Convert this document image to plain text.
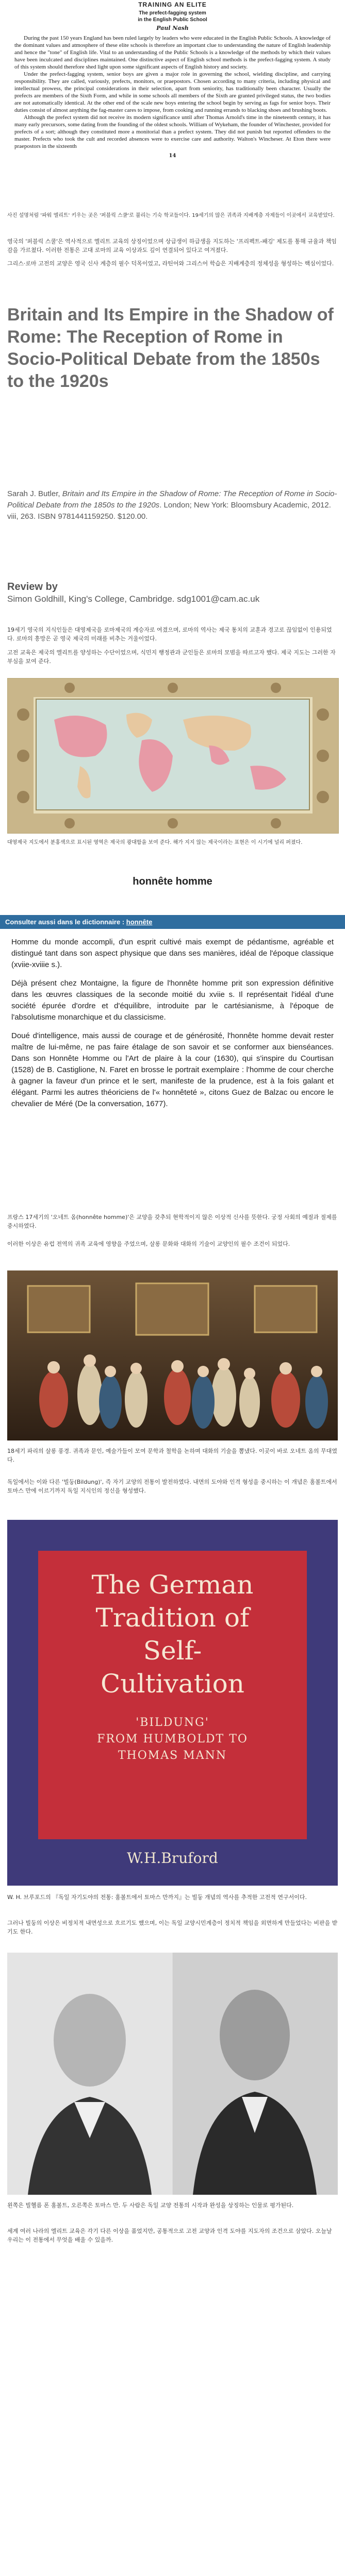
TRAINING AN ELITE
The prefect-fagging system
in the English Public School
Paul Nash

During the past 150 years England has been ruled largely by leaders who were educated in the English Public Schools. A knowledge of the dominant values and atmosphere of these elite schools is therefore an important clue to understanding the nature of English leadership and hence the "tone" of English life. Vital to an understanding of the Public Schools is a knowledge of the methods by which their values have been inculcated and disciplines maintained. One distinctive aspect of English school methods is the prefect-fagging system. A study of this system should therefore shed light upon some significant aspects of English history and society.

Under the prefect-fagging system, senior boys are given a major role in governing the school, wielding discipline, and carrying responsibility. They are called, variously, prefects, monitors, or praepostors. Chosen according to many criteria, including physical and intellectual prowess, the principal considerations in their selection, apart from seniority, has traditionally been character. Usually the prefects are members of the Sixth Form, and while in some schools all members of the Sixth are granted privileged status, the two bodies are not automatically identical. At the other end of the scale new boys entering the school begin by serving as fags for senior boys. Their duties consist of almost anything the fag-master cares to impose, from cooking and running errands to blacking shoes and brushing boots.

Although the prefect system did not receive its modern significance until after Thomas Arnold's time in the nineteenth century, it has many early precursors, some dating from the founding of the oldest schools. William of Wykeham, the founder of Winchester, provided for prefects of a sort; although they constituted more a monitorial than a prefect system. They did not punish but reported offenders to the master. Prefects who took the cult and recorded absences were to exercise care and authority. Walton's Wincheser. At Eton there were praepostors in the sixteenth

14
사진 설명처럼 '파워 엘리트' 키우는 곳은 '퍼블릭 스쿨'로 불리는 기숙 학교들이다. 19세기의 많은 귀족과 지배계층 자제들이 이곳에서 교육받았다.

영국의 '퍼블릭 스쿨'은 역사적으로 엘리트 교육의 상징이었으며 상급생이 하급생을 지도하는 '프리펙트-패깅' 제도를 통해 규율과 책임감을 가르쳤다. 이러한 전통은 고대 로마의 교육 이상과도 깊이 연결되어 있다고 여겨졌다.

그리스·로마 고전의 교양은 영국 신사 계층의 필수 덕목이었고, 라틴어와 그리스어 학습은 지배계층의 정체성을 형성하는 핵심이었다.

Britain and Its Empire in the Shadow of Rome: The Reception of Rome in Socio-Political Debate from the 1850s to the 1920s
Sarah J. Butler, Britain and Its Empire in the Shadow of Rome: The Reception of Rome in Socio-Political Debate from the 1850s to the 1920s. London; New York: Bloomsbury Academic, 2012. viii, 263. ISBN 9781441159250. $120.00.
Review by
Simon Goldhill, King's College, Cambridge. sdg1001@cam.ac.uk
19세기 영국의 지식인들은 대영제국을 로마제국의 계승자로 여겼으며, 로마의 역사는 제국 통치의 교훈과 경고로 끊임없이 인용되었다. 로마의 흥망은 곧 영국 제국의 미래를 비추는 거울이었다.
고전 교육은 제국의 엘리트를 양성하는 수단이었으며, 식민지 행정관과 군인들은 로마의 모범을 따르고자 했다. 제국 지도는 그러한 자부심을 보여 준다.
대영제국 지도에서 분홍색으로 표시된 영역은 제국의 광대함을 보여 준다. 해가 지지 않는 제국이라는 표현은 이 시기에 널리 퍼졌다.
honnête homme
Consulter aussi dans le dictionnaire : honnête

Homme du monde accompli, d'un esprit cultivé mais exempt de pédantisme, agréable et distingué tant dans son aspect physique que dans ses manières, idéal de l'époque classique (xviie-xviiie s.).

Déjà présent chez Montaigne, la figure de l'honnête homme prit son expression définitive dans les œuvres classiques de la seconde moitié du xviie s. Il représentait l'idéal d'une société épurée d'ordre et d'équilibre, introduite par le cartésianisme, à l'époque de l'absolutisme monarchique et du classicisme.

Doué d'intelligence, mais aussi de courage et de générosité, l'honnête homme devait rester maître de lui-même, ne pas faire étalage de son savoir et se conformer aux bienséances. Dans son Honnête Homme ou l'Art de plaire à la cour (1630), qui s'inspire du Courtisan (1528) de B. Castiglione, N. Faret en brosse le portrait exemplaire : l'homme de cour cherche à gagner la faveur d'un prince et le sert, manifeste de la prudence, est à la fois galant et élégant. Parmi les autres théoriciens de l'« honnêteté », citons Guez de Balzac ou encore le chevalier de Méré (De la conversation, 1677).

프랑스 17세기의 '오네트 옴(honnête homme)'은 교양을 갖추되 현학적이지 않은 이상적 신사를 뜻한다. 궁정 사회의 예절과 절제를 중시하였다.
이러한 이상은 유럽 전역의 귀족 교육에 영향을 주었으며, 살롱 문화와 대화의 기술이 교양인의 필수 조건이 되었다.
18세기 파리의 살롱 풍경. 귀족과 문인, 예술가들이 모여 문학과 철학을 논하며 대화의 기술을 뽐냈다. 이곳이 바로 오네트 옴의 무대였다.
독일에서는 이와 다른 '빌둥(Bildung)', 즉 자기 교양의 전통이 발전하였다. 내면의 도야와 인격 형성을 중시하는 이 개념은 훔볼트에서 토마스 만에 이르기까지 독일 지식인의 정신을 형성했다.
The German
Tradition of
Self-
Cultivation
'BILDUNG'
FROM HUMBOLDT TO
THOMAS MANN
W.H.Bruford
W. H. 브루포드의 『독일 자기도야의 전통: 훔볼트에서 토마스 만까지』는 빌둥 개념의 역사를 추적한 고전적 연구서이다.
그러나 빌둥의 이상은 비정치적 내면성으로 흐르기도 했으며, 이는 독일 교양시민계층이 정치적 책임을 외면하게 만들었다는 비판을 받기도 한다.
왼쪽은 빌헬름 폰 훔볼트, 오른쪽은 토마스 만. 두 사람은 독일 교양 전통의 시작과 완성을 상징하는 인물로 평가된다.
세계 여러 나라의 엘리트 교육은 각기 다른 이상을 품었지만, 공통적으로 고전 교양과 인격 도야를 지도자의 조건으로 삼았다. 오늘날 우리는 이 전통에서 무엇을 배울 수 있을까.
